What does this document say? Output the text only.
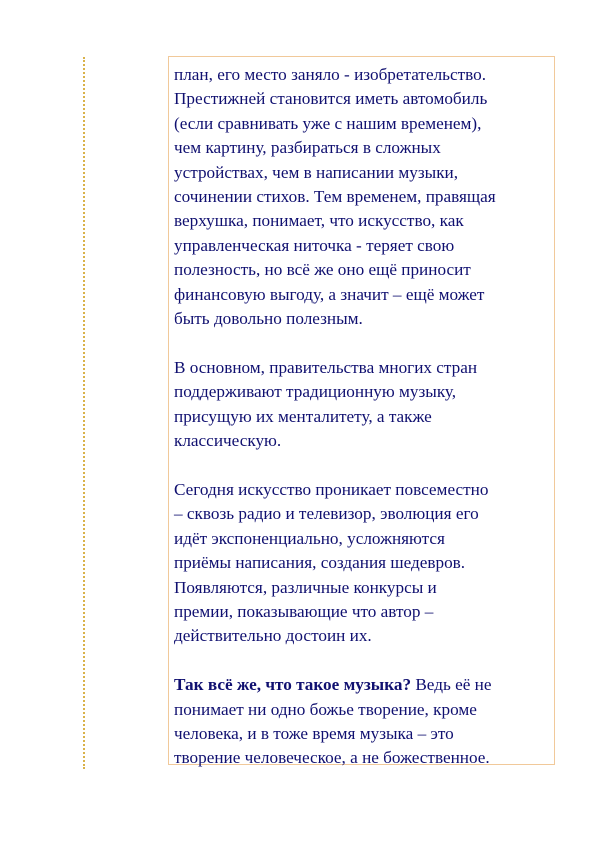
план, его место заняло - изобретательство.
Престижней становится иметь автомобиль
(если сравнивать уже с нашим временем),
чем картину, разбираться в сложных
устройствах, чем в написании музыки,
сочинении стихов. Тем временем, правящая
верхушка, понимает, что искусство, как
управленческая ниточка - теряет свою
полезность, но всё же оно ещё приносит
финансовую выгоду, а значит – ещё может
быть довольно полезным.

В основном, правительства многих стран
поддерживают традиционную музыку,
присущую их менталитету, а также
классическую.

Сегодня искусство проникает повсеместно
– сквозь радио и телевизор, эволюция его
идёт экспоненциально, усложняются
приёмы написания, создания шедевров.
Появляются, различные конкурсы и
премии, показывающие что автор –
действительно достоин их.

Так всё же, что такое музыка? Ведь её не
понимает ни одно божье творение, кроме
человека, и в тоже время музыка – это
творение человеческое, а не божественное.
